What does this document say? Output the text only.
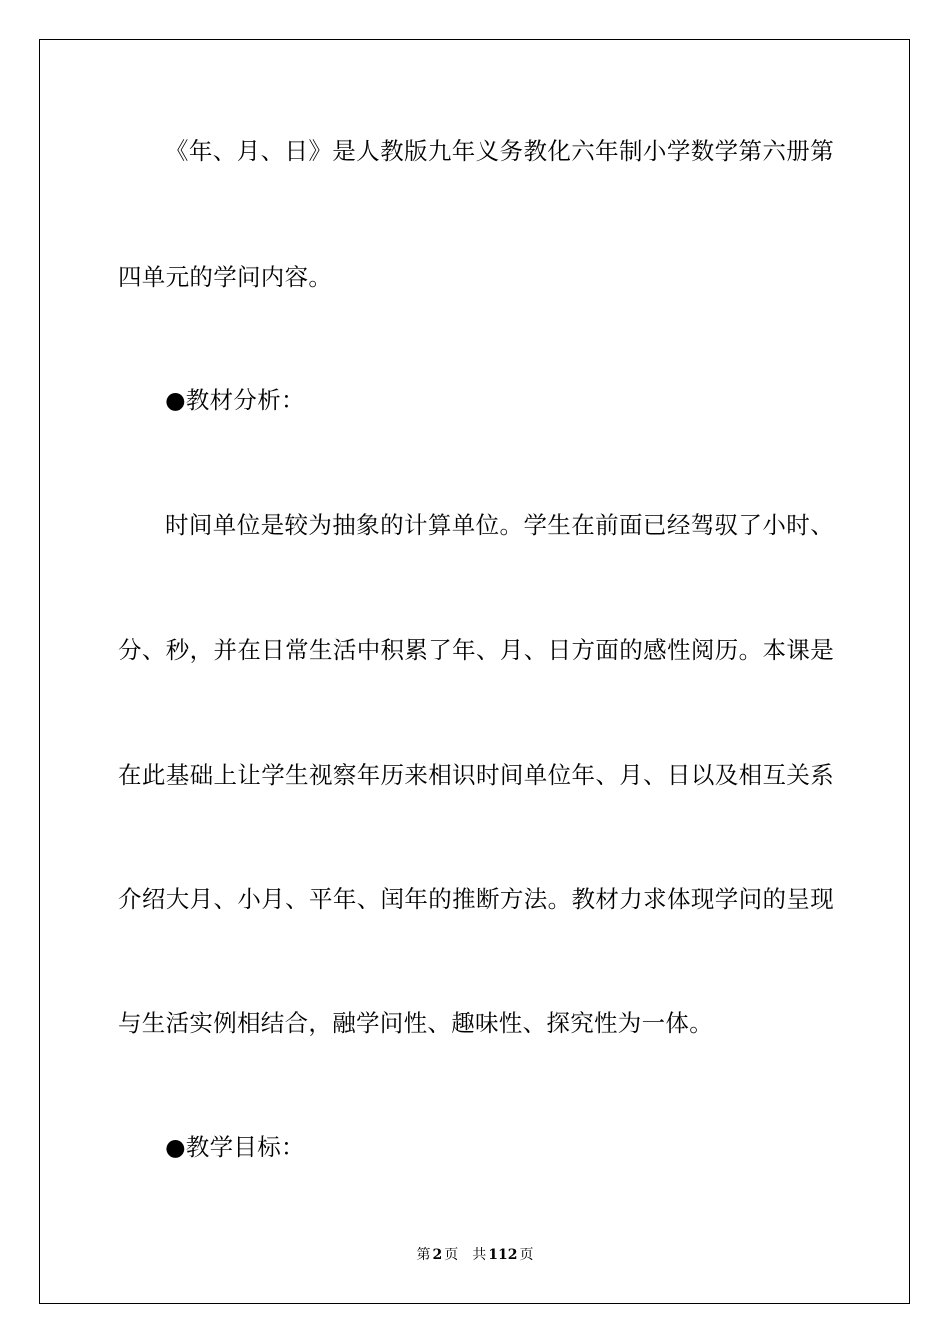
《年、月、日》是人教版九年义务教化六年制小学数学第六册第
四单元的学问内容。
●教材分析：
时间单位是较为抽象的计算单位。学生在前面已经驾驭了小时、
分、秒，并在日常生活中积累了年、月、日方面的感性阅历。本课是
在此基础上让学生视察年历来相识时间单位年、月、日以及相互关系
介绍大月、小月、平年、闰年的推断方法。教材力求体现学问的呈现
与生活实例相结合，融学问性、趣味性、探究性为一体。
●教学目标：
第 2 页 共 112 页
